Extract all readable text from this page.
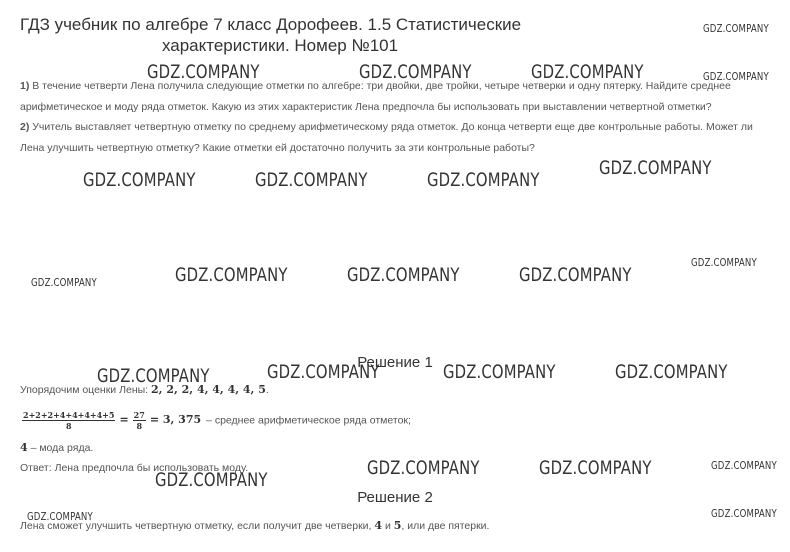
ГДЗ учебник по алгебре 7 класс Дорофеев. 1.5 Статистические
характеристики. Номер №101

1) В течение четверти Лена получила следующие отметки по алгебре: три двойки, две тройки, четыре четверки и одну пятерку. Найдите среднее арифметическое и моду ряда отметок. Какую из этих характеристик Лена предпочла бы использовать при выставлении четвертной отметки?

2) Учитель выставляет четвертную отметку по среднему арифметическому ряда отметок. До конца четверти еще две контрольные работы. Может ли Лена улучшить четвертную отметку? Какие отметки ей достаточно получить за эти контрольные работы?

Решение 1
Упорядочим оценки Лены: 2, 2, 2, 4, 4, 4, 4, 5.
$\frac{2+2+2+4+4+4+4+5}{8} = \frac{27}{8} = 3$, 375 – среднее арифметическое ряда отметок;
4 – мода ряда.
Ответ: Лена предпочла бы использовать моду.
Решение 2
Лена сможет улучшить четвертную отметку, если получит две четверки, 4 и 5, или две пятерки.
GDZ.COMPANY
GDZ.COMPANY	GDZ.COMPANY	GDZ.COMPANY	GDZ.COMPANY
GDZ.COMPANY
GDZ.COMPANY	GDZ.COMPANY	GDZ.COMPANY
GDZ.COMPANY
GDZ.COMPANY	GDZ.COMPANY	GDZ.COMPANY
GDZ.COMPANY
GDZ.COMPANY	GDZ.COMPANY	GDZ.COMPANY
GDZ.COMPANY
GDZ.COMPANY	GDZ.COMPANY	GDZ.COMPANY
GDZ.COMPANY
GDZ.COMPANY
GDZ.COMPANY
